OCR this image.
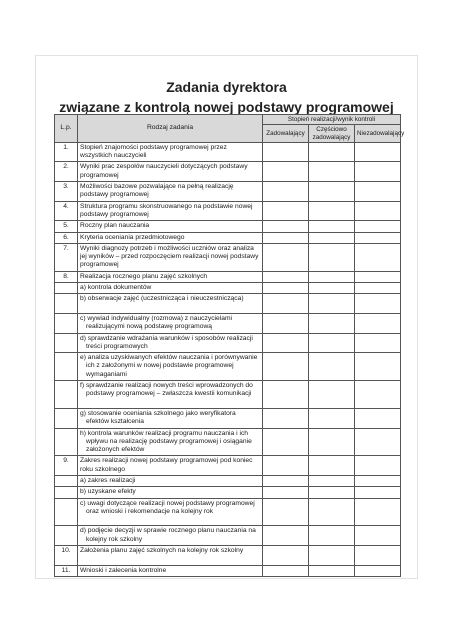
Zadania dyrektora
związane z kontrolą nowej podstawy programowej
L.p.	Rodzaj zadania	Stopień realizacji/wynik kontroli		
		Zadowalający	Częściowo zadowalający	Niezadowalający
1.	Stopień znajomości podstawy programowej przez wszystkich nauczycieli			
2.	Wyniki prac zespołów nauczycieli dotyczących podstawy programowej			
3.	Możliwości bazowe pozwalające na pełną realizację podstawy programowej			
4.	Struktura programu skonstruowanego na podstawie nowej podstawy programowej			
5.	Roczny plan nauczania			
6.	Kryteria oceniania przedmiotowego			
7.	Wyniki diagnozy potrzeb i możliwości uczniów oraz analiza jej wyników – przed rozpoczęciem realizacji nowej podstawy programowej			
8.	Realizacja rocznego planu zajęć szkolnych			

	a) kontrola dokumentów			

	b) obserwacje zajęć (uczestnicząca i nieuczestnicząca)			

	c) wywiad indywidualny (rozmowa) z nauczycielami realizującymi nową podstawę programową			

	d) sprawdzanie wdrażania warunków i sposobów realizacji treści programowych			

	e) analiza uzyskiwanych efektów nauczania i porównywanie ich z założonymi w nowej podstawie programowej wymaganiami			

	f) sprawdzanie realizacji nowych treści wprowadzonych do podstawy programowej – zwłaszcza kwestii komunikacji			

	g) stosowanie oceniania szkolnego jako weryfikatora efektów kształcenia			

	h) kontrola warunków realizacji programu nauczania i ich wpływu na realizację podstawy programowej i osiąganie założonych efektów			

9.	Zakres realizacji nowej podstawy programowej pod koniec roku szkolnego			

	a) zakres realizacji			

	b) uzyskane efekty			

	c) uwagi dotyczące realizacji nowej podstawy programowej oraz wnioski i rekomendacje na kolejny rok			

	d) podjęcie decyzji w sprawie rocznego planu nauczania na kolejny rok szkolny			

10.	Założenia planu zajęć szkolnych na kolejny rok szkolny			
11.	Wnioski i zalecenia kontrolne			
